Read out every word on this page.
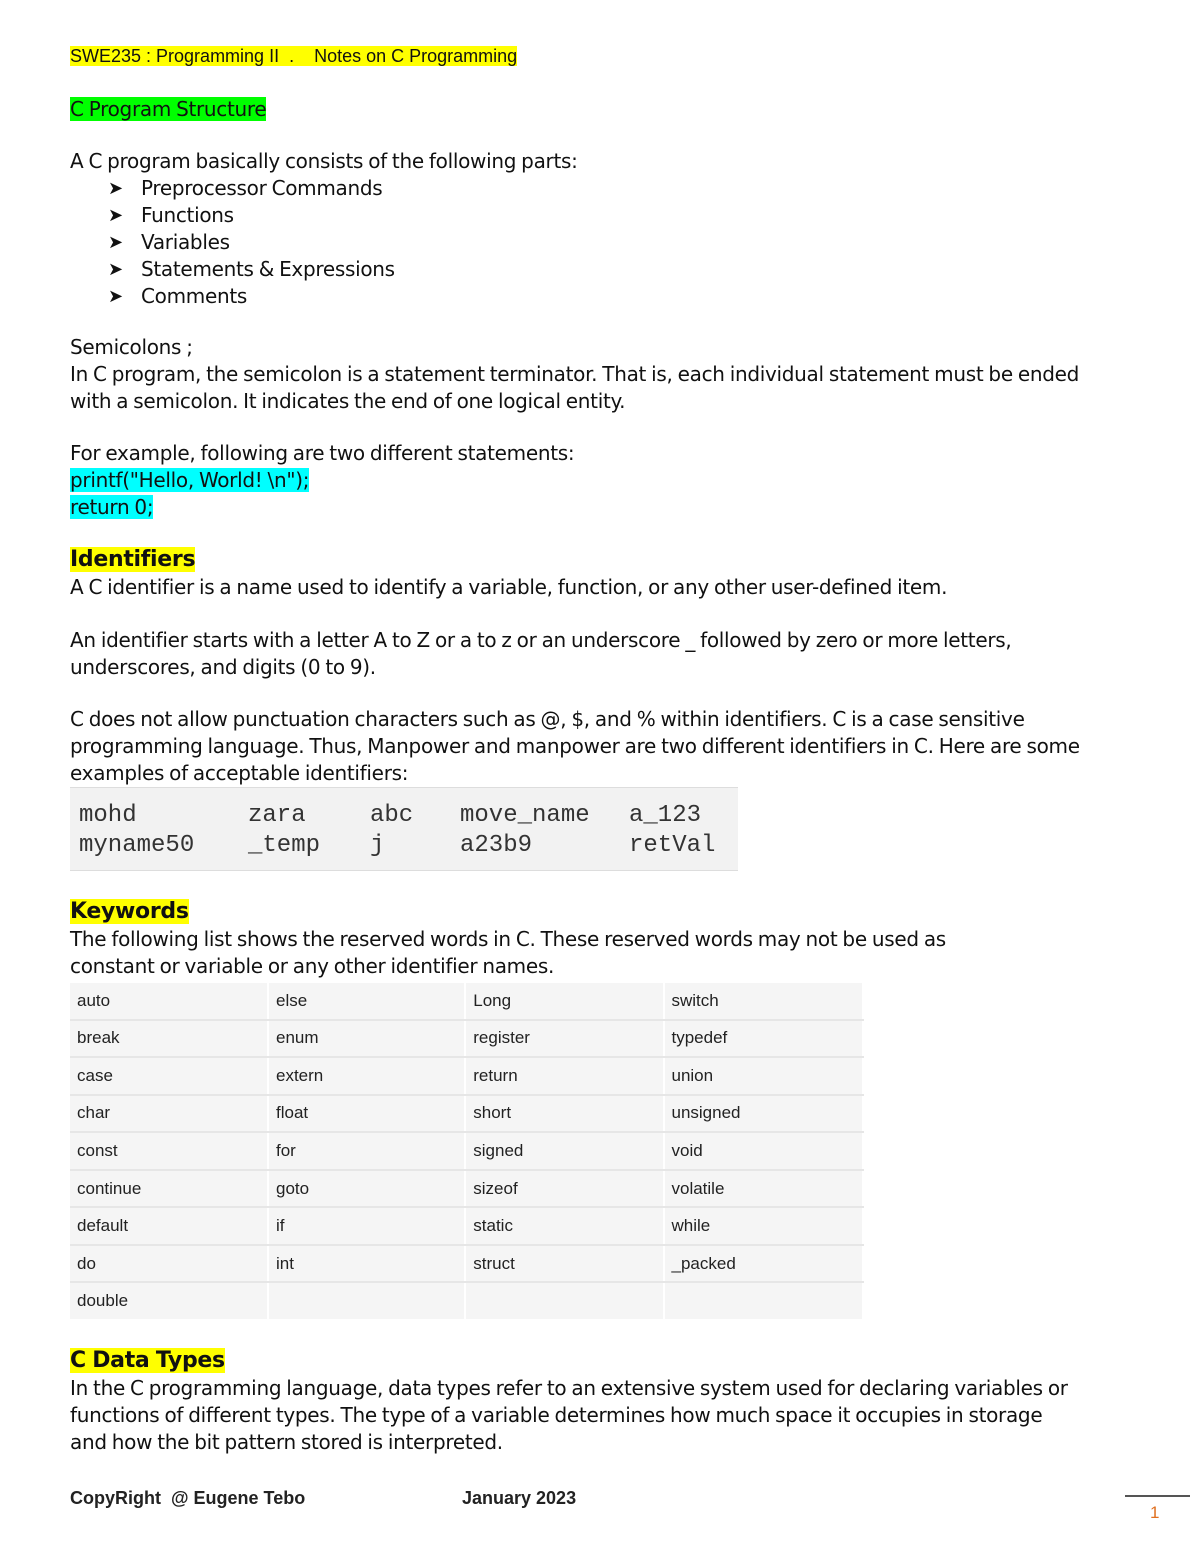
SWE235 : Programming II  .    Notes on C Programming

C Program Structure

A C program basically consists of the following parts:

➤ Preprocessor Commands
➤ Functions
➤ Variables
➤ Statements & Expressions
➤ Comments

Semicolons ;

In C program, the semicolon is a statement terminator. That is, each individual statement must be ended with a semicolon. It indicates the end of one logical entity.

For example, following are two different statements:

printf("Hello, World! \n");

return 0;

Identifiers

A C identifier is a name used to identify a variable, function, or any other user-defined item.

An identifier starts with a letter A to Z or a to z or an underscore _ followed by zero or more letters, underscores, and digits (0 to 9).

C does not allow punctuation characters such as @, $, and % within identifiers. C is a case sensitive programming language. Thus, Manpower and manpower are two different identifiers in C. Here are some examples of acceptable identifiers:

mohd	zara	abc	move_name	a_123
myname50	_temp	j	a23b9	retVal

Keywords

The following list shows the reserved words in C. These reserved words may not be used as constant or variable or any other identifier names.

auto	else	Long	switch
break	enum	register	typedef
case	extern	return	union
char	float	short	unsigned
const	for	signed	void
continue	goto	sizeof	volatile
default	if	static	while
do	int	struct	_packed
double			

C Data Types

In the C programming language, data types refer to an extensive system used for declaring variables or functions of different types. The type of a variable determines how much space it occupies in storage and how the bit pattern stored is interpreted.

CopyRight  @ Eugene Tebo	January 2023
1
